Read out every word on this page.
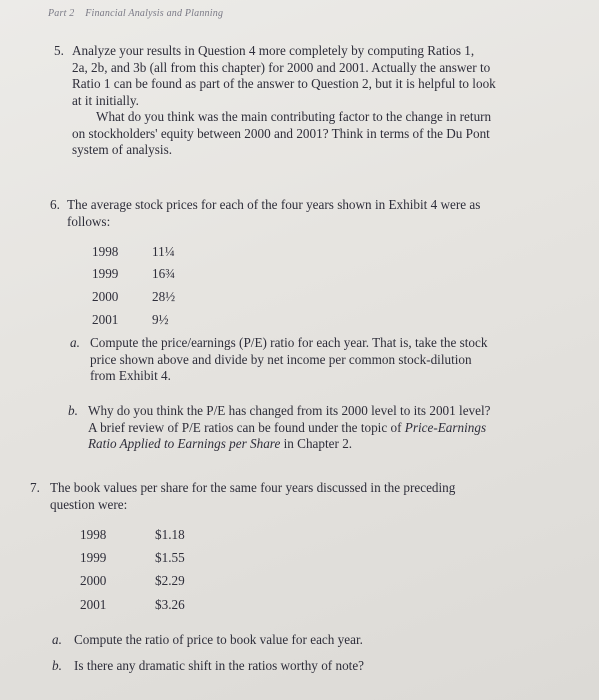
Part 2 Financial Analysis and Planning
5. Analyze your results in Question 4 more completely by computing Ratios 1,
2a, 2b, and 3b (all from this chapter) for 2000 and 2001. Actually the answer to
Ratio 1 can be found as part of the answer to Question 2, but it is helpful to look
at it initially.
What do you think was the main contributing factor to the change in return
on stockholders' equity between 2000 and 2001? Think in terms of the Du Pont
system of analysis.
6. The average stock prices for each of the four years shown in Exhibit 4 were as
follows:
1998	11¼
1999	16¾
2000	28½
2001	9½
a. Compute the price/earnings (P/E) ratio for each year. That is, take the stock
price shown above and divide by net income per common stock-dilution
from Exhibit 4.
b. Why do you think the P/E has changed from its 2000 level to its 2001 level?
A brief review of P/E ratios can be found under the topic of Price-Earnings
Ratio Applied to Earnings per Share in Chapter 2.
7. The book values per share for the same four years discussed in the preceding
question were:
1998	$1.18
1999	$1.55
2000	$2.29
2001	$3.26
a. Compute the ratio of price to book value for each year.
b. Is there any dramatic shift in the ratios worthy of note?
